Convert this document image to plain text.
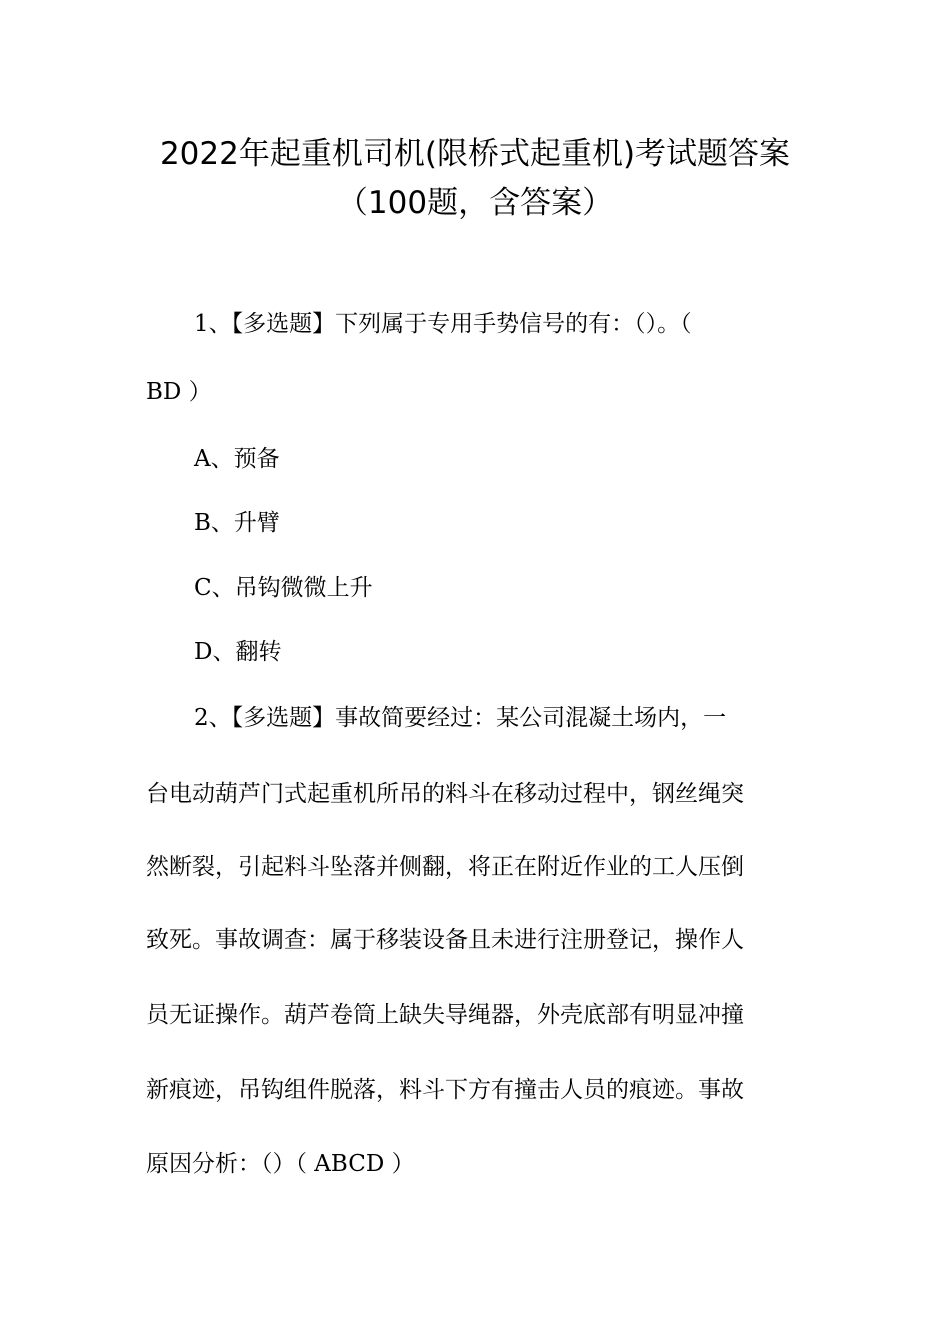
2022年起重机司机(限桥式起重机)考试题答案
（100题，含答案）
1、【多选题】下列属于专用手势信号的有：（）。（
BD ）
A、预备
B、升臂
C、吊钩微微上升
D、翻转
2、【多选题】事故简要经过：某公司混凝土场内，一
台电动葫芦门式起重机所吊的料斗在移动过程中，钢丝绳突
然断裂，引起料斗坠落并侧翻，将正在附近作业的工人压倒
致死。事故调查：属于移装设备且未进行注册登记，操作人
员无证操作。葫芦卷筒上缺失导绳器，外壳底部有明显冲撞
新痕迹，吊钩组件脱落，料斗下方有撞击人员的痕迹。事故
原因分析：（）（ ABCD ）
